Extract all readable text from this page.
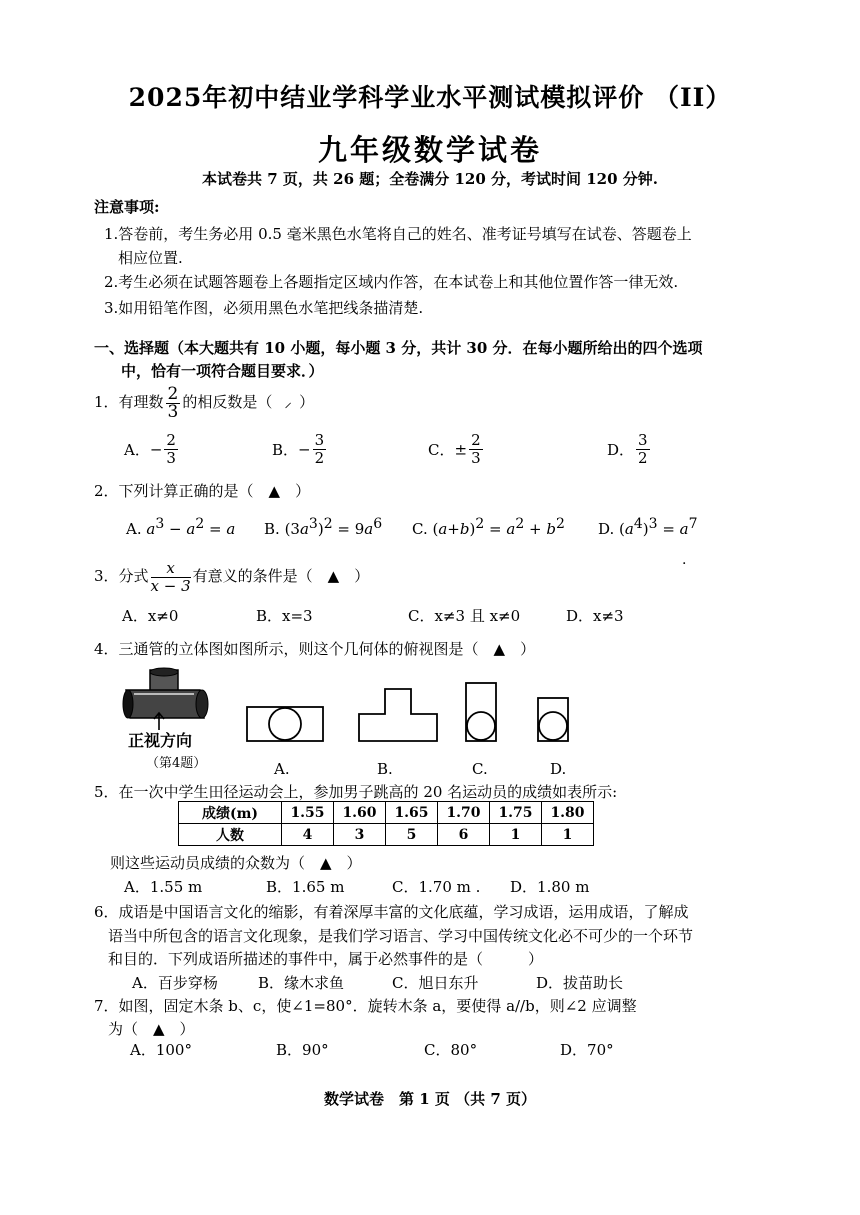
2025年初中结业学科学业水平测试模拟评价 （II）
九年级数学试卷
本试卷共 7 页，共 26 题；全卷满分 120 分，考试时间 120 分钟.
注意事项:
1.答卷前，考生务必用 0.5 毫米黑色水笔将自己的姓名、准考证号填写在试卷、答题卷上
相应位置.
2.考生必须在试题答题卷上各题指定区域内作答，在本试卷上和其他位置作答一律无效.
3.如用铅笔作图，必须用黑色水笔把线条描清楚.
一、选择题（本大题共有 10 小题，每小题 3 分，共计 30 分．在每小题所给出的四个选项
中，恰有一项符合题目要求．）
1．有理数 $\frac{2}{3}$ 的相反数是（ ⸝ ）
A．− $\frac{2}{3}$	B．− $\frac{3}{2}$	C．± $\frac{2}{3}$	D． $\frac{3}{2}$
2．下列计算正确的是（　▲　）
A. $a^3 - a^2 = a$ B. $(3a^3)^2 = 9a^6$ C. $(a+b)^2 = a^2 + b^2$ D. $(a^4)^3 = a^7$
3．分式 $\frac{x}{x - 3}$ 有意义的条件是（　▲　）
A．x≠0	B．x=3	C．x≠3 且 x≠0	D．x≠3
4．三通管的立体图如图所示，则这个几何体的俯视图是（　▲　）
正视方向
（第4题）	A.	B.	C.	D.
5．在一次中学生田径运动会上，参加男子跳高的 20 名运动员的成绩如表所示:
成绩(m)	1.55	1.60	1.65	1.70	1.75	1.80
人数	4	3	5	6	1	1
则这些运动员成绩的众数为（　▲　）
A．1.55 m	B．1.65 m	C．1.70 m . D．1.80 m
6．成语是中国语言文化的缩影，有着深厚丰富的文化底蕴，学习成语，运用成语，了解成
语当中所包含的语言文化现象，是我们学习语言、学习中国传统文化必不可少的一个环节
和目的．下列成语所描述的事件中，属于必然事件的是（　　　）
A．百步穿杨	B．缘木求鱼	C．旭日东升	D．拔苗助长
7．如图，固定木条 b、c，使∠1=80°．旋转木条 a，要使得 a//b，则∠2 应调整
为（　▲　）
A．100°	B．90°	C．80°	D．70°
·
数学试卷　第 1 页 （共 7 页）
